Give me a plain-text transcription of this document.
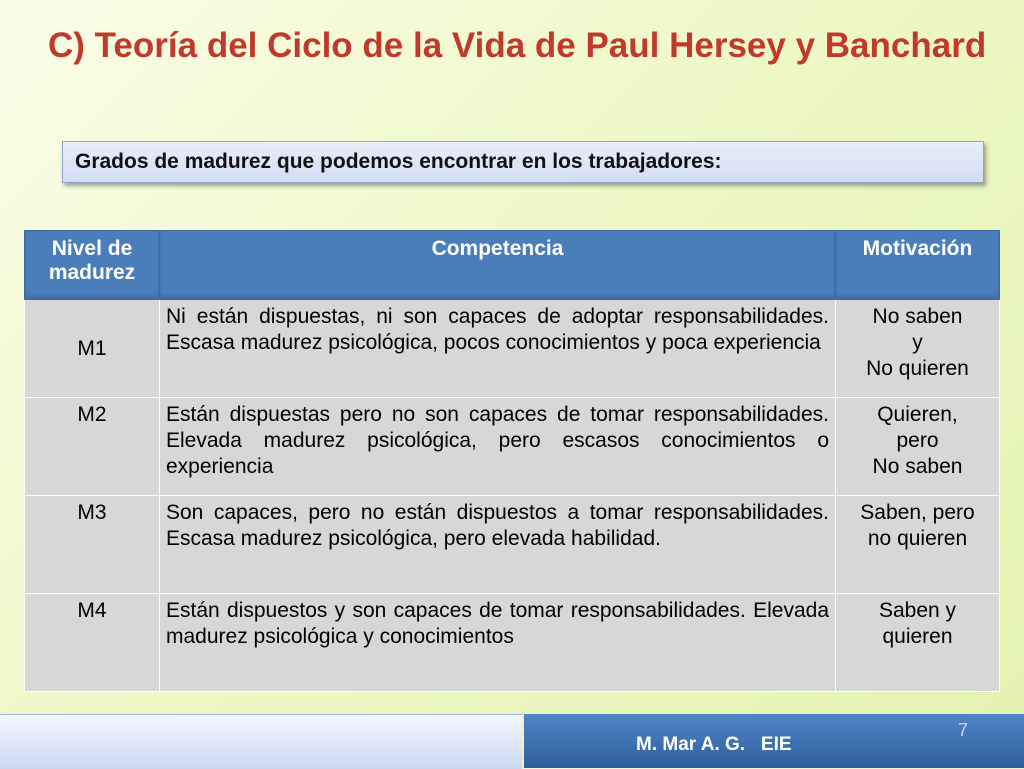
C) Teoría del Ciclo de la Vida de Paul Hersey y Banchard
Grados de madurez que podemos encontrar en los trabajadores:
Nivel de madurez	Competencia	Motivación
M1	Ni están dispuestas, ni son capaces de adoptar responsabilidades. Escasa madurez psicológica, pocos conocimientos y poca experiencia	No saben
y
No quieren

M2	Están dispuestas pero no son capaces de tomar responsabilidades. Elevada madurez psicológica, pero escasos conocimientos o experiencia	Quieren,
pero
No saben

M3	Son capaces, pero no están dispuestos a tomar responsabilidades. Escasa madurez psicológica, pero elevada habilidad.	Saben, pero
no quieren

M4	Están dispuestos y son capaces de tomar responsabilidades. Elevada madurez psicológica y conocimientos	Saben y
quieren
7
M. Mar A. G.   EIE
